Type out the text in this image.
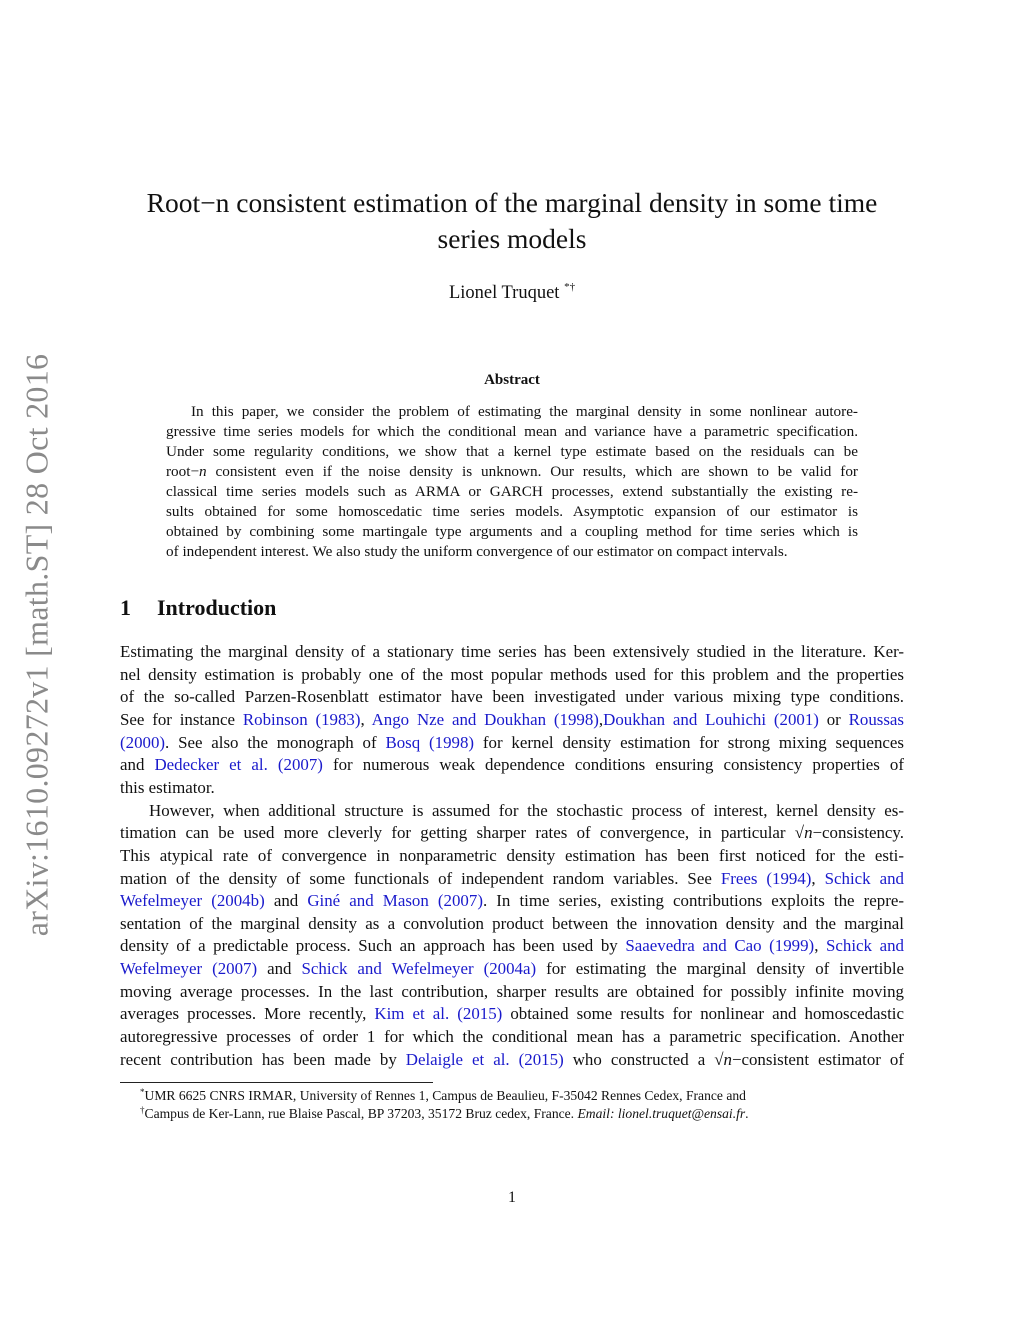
arXiv:1610.09272v1 [math.ST] 28 Oct 2016
Root−n consistent estimation of the marginal density in some time
series models
Lionel Truquet *†
Abstract
In this paper, we consider the problem of estimating the marginal density in some nonlinear autore-
gressive time series models for which the conditional mean and variance have a parametric specification.
Under some regularity conditions, we show that a kernel type estimate based on the residuals can be
root−n consistent even if the noise density is unknown. Our results, which are shown to be valid for
classical time series models such as ARMA or GARCH processes, extend substantially the existing re-
sults obtained for some homoscedatic time series models. Asymptotic expansion of our estimator is
obtained by combining some martingale type arguments and a coupling method for time series which is
of independent interest. We also study the uniform convergence of our estimator on compact intervals.
1 Introduction
Estimating the marginal density of a stationary time series has been extensively studied in the literature. Ker-
nel density estimation is probably one of the most popular methods used for this problem and the properties
of the so-called Parzen-Rosenblatt estimator have been investigated under various mixing type conditions.
See for instance Robinson (1983), Ango Nze and Doukhan (1998),Doukhan and Louhichi (2001) or Roussas
(2000). See also the monograph of Bosq (1998) for kernel density estimation for strong mixing sequences
and Dedecker et al. (2007) for numerous weak dependence conditions ensuring consistency properties of
this estimator.
However, when additional structure is assumed for the stochastic process of interest, kernel density es-
timation can be used more cleverly for getting sharper rates of convergence, in particular √n−consistency.
This atypical rate of convergence in nonparametric density estimation has been first noticed for the esti-
mation of the density of some functionals of independent random variables. See Frees (1994), Schick and
Wefelmeyer (2004b) and Giné and Mason (2007). In time series, existing contributions exploits the repre-
sentation of the marginal density as a convolution product between the innovation density and the marginal
density of a predictable process. Such an approach has been used by Saaevedra and Cao (1999), Schick and
Wefelmeyer (2007) and Schick and Wefelmeyer (2004a) for estimating the marginal density of invertible
moving average processes. In the last contribution, sharper results are obtained for possibly infinite moving
averages processes. More recently, Kim et al. (2015) obtained some results for nonlinear and homoscedastic
autoregressive processes of order 1 for which the conditional mean has a parametric specification. Another
recent contribution has been made by Delaigle et al. (2015) who constructed a √n−consistent estimator of
*UMR 6625 CNRS IRMAR, University of Rennes 1, Campus de Beaulieu, F-35042 Rennes Cedex, France and
†Campus de Ker-Lann, rue Blaise Pascal, BP 37203, 35172 Bruz cedex, France. Email: lionel.truquet@ensai.fr.
1
